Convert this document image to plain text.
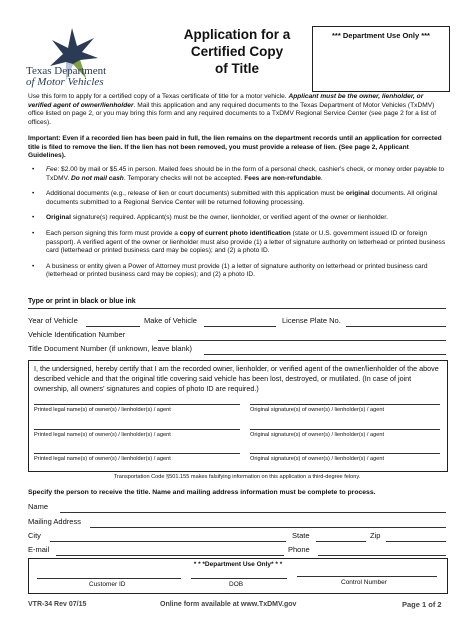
Texas Department
of Motor Vehicles
Application for a
Certified Copy
of Title
*** Department Use Only ***
Use this form to apply for a certified copy of a Texas certificate of title for a motor vehicle. Applicant must be the owner, lienholder, or verified agent of owner/lienholder. Mail this application and any required documents to the Texas Department of Motor Vehicles (TxDMV) office listed on page 2, or you may bring this form and any required documents to a TxDMV Regional Service Center (see page 2 for a list of offices).
Important: Even if a recorded lien has been paid in full, the lien remains on the department records until an application for corrected title is filed to remove the lien. If the lien has not been removed, you must provide a release of lien. (See page 2, Applicant Guidelines).
• Fee: $2.00 by mail or $5.45 in person. Mailed fees should be in the form of a personal check, cashier's check, or money order payable to TxDMV. Do not mail cash. Temporary checks will not be accepted. Fees are non-refundable.
• Additional documents (e.g., release of lien or court documents) submitted with this application must be original documents. All original documents submitted to a Regional Service Center will be returned following processing.
• Original signature(s) required. Applicant(s) must be the owner, lienholder, or verified agent of the owner or lienholder.
• Each person signing this form must provide a copy of current photo identification (state or U.S. government issued ID or foreign passport). A verified agent of the owner or lienholder must also provide (1) a letter of signature authority on letterhead or printed business card (letterhead or printed business card may be copies); and (2) a photo ID.
• A business or entity given a Power of Attorney must provide (1) a letter of signature authority on letterhead or printed business card (letterhead or printed business card may be copies); and (2) a photo ID.
Type or print in black or blue ink
Year of Vehicle	Make of Vehicle	License Plate No.
Vehicle Identification Number
Title Document Number (if unknown, leave blank)
I, the undersigned, hereby certify that I am the recorded owner, lienholder, or verified agent of the owner/lienholder of the above described vehicle and that the original title covering said vehicle has been lost, destroyed, or mutilated. (In case of joint ownership, all owners' signatures and copies of photo ID are required.)
Printed legal name(s) of owner(s) / lienholder(s) / agent	Original signature(s) of owner(s) / lienholder(s) / agent
Printed legal name(s) of owner(s) / lienholder(s) / agent	Original signature(s) of owner(s) / lienholder(s) / agent
Printed legal name(s) of owner(s) / lienholder(s) / agent	Original signature(s) of owner(s) / lienholder(s) / agent
Transportation Code §501.155 makes falsifying information on this application a third-degree felony.
Specify the person to receive the title. Name and mailing address information must be complete to process.
Name
Mailing Address
City	State	Zip
E-mail	Phone
* * *Department Use Only* * *
Customer ID	DOB	Control Number
VTR-34 Rev 07/15	Online form available at www.TxDMV.gov	Page 1 of 2
